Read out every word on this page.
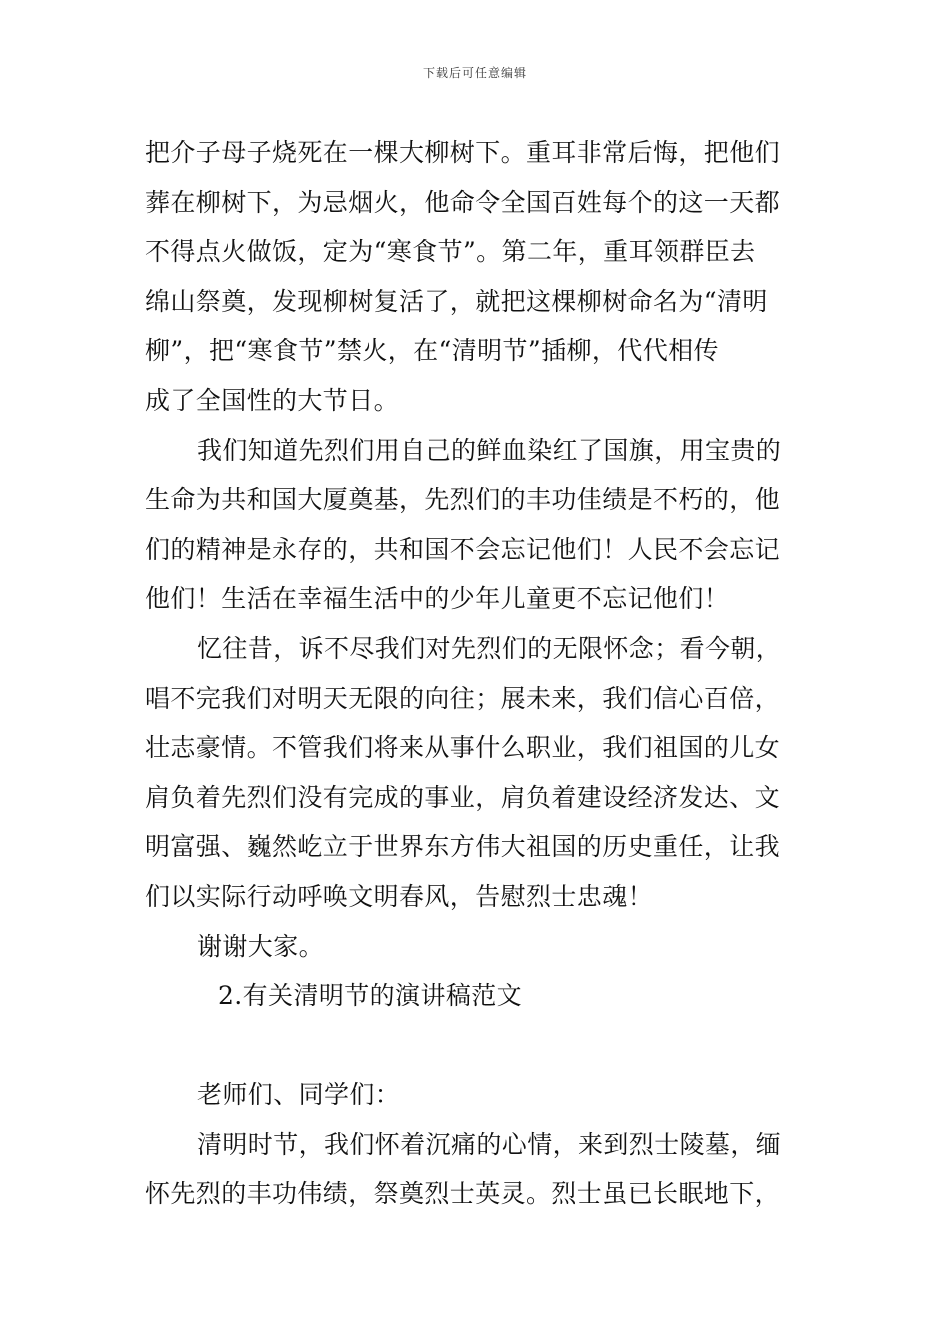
下载后可任意编辑
把介子母子烧死在一棵大柳树下。重耳非常后悔，把他们
葬在柳树下，为忌烟火，他命令全国百姓每个的这一天都
不得点火做饭，定为“寒食节”。第二年，重耳领群臣去
绵山祭奠，发现柳树复活了，就把这棵柳树命名为“清明
柳”，把“寒食节”禁火，在“清明节”插柳，代代相传
成了全国性的大节日。
我们知道先烈们用自己的鲜血染红了国旗，用宝贵的
生命为共和国大厦奠基，先烈们的丰功佳绩是不朽的，他
们的精神是永存的，共和国不会忘记他们！人民不会忘记
他们！生活在幸福生活中的少年儿童更不忘记他们！
忆往昔，诉不尽我们对先烈们的无限怀念；看今朝，
唱不完我们对明天无限的向往；展未来，我们信心百倍，
壮志豪情。不管我们将来从事什么职业，我们祖国的儿女
肩负着先烈们没有完成的事业，肩负着建设经济发达、文
明富强、巍然屹立于世界东方伟大祖国的历史重任，让我
们以实际行动呼唤文明春风，告慰烈士忠魂！
谢谢大家。
2.有关清明节的演讲稿范文
老师们、同学们：
清明时节，我们怀着沉痛的心情，来到烈士陵墓，缅
怀先烈的丰功伟绩，祭奠烈士英灵。烈士虽已长眠地下，
